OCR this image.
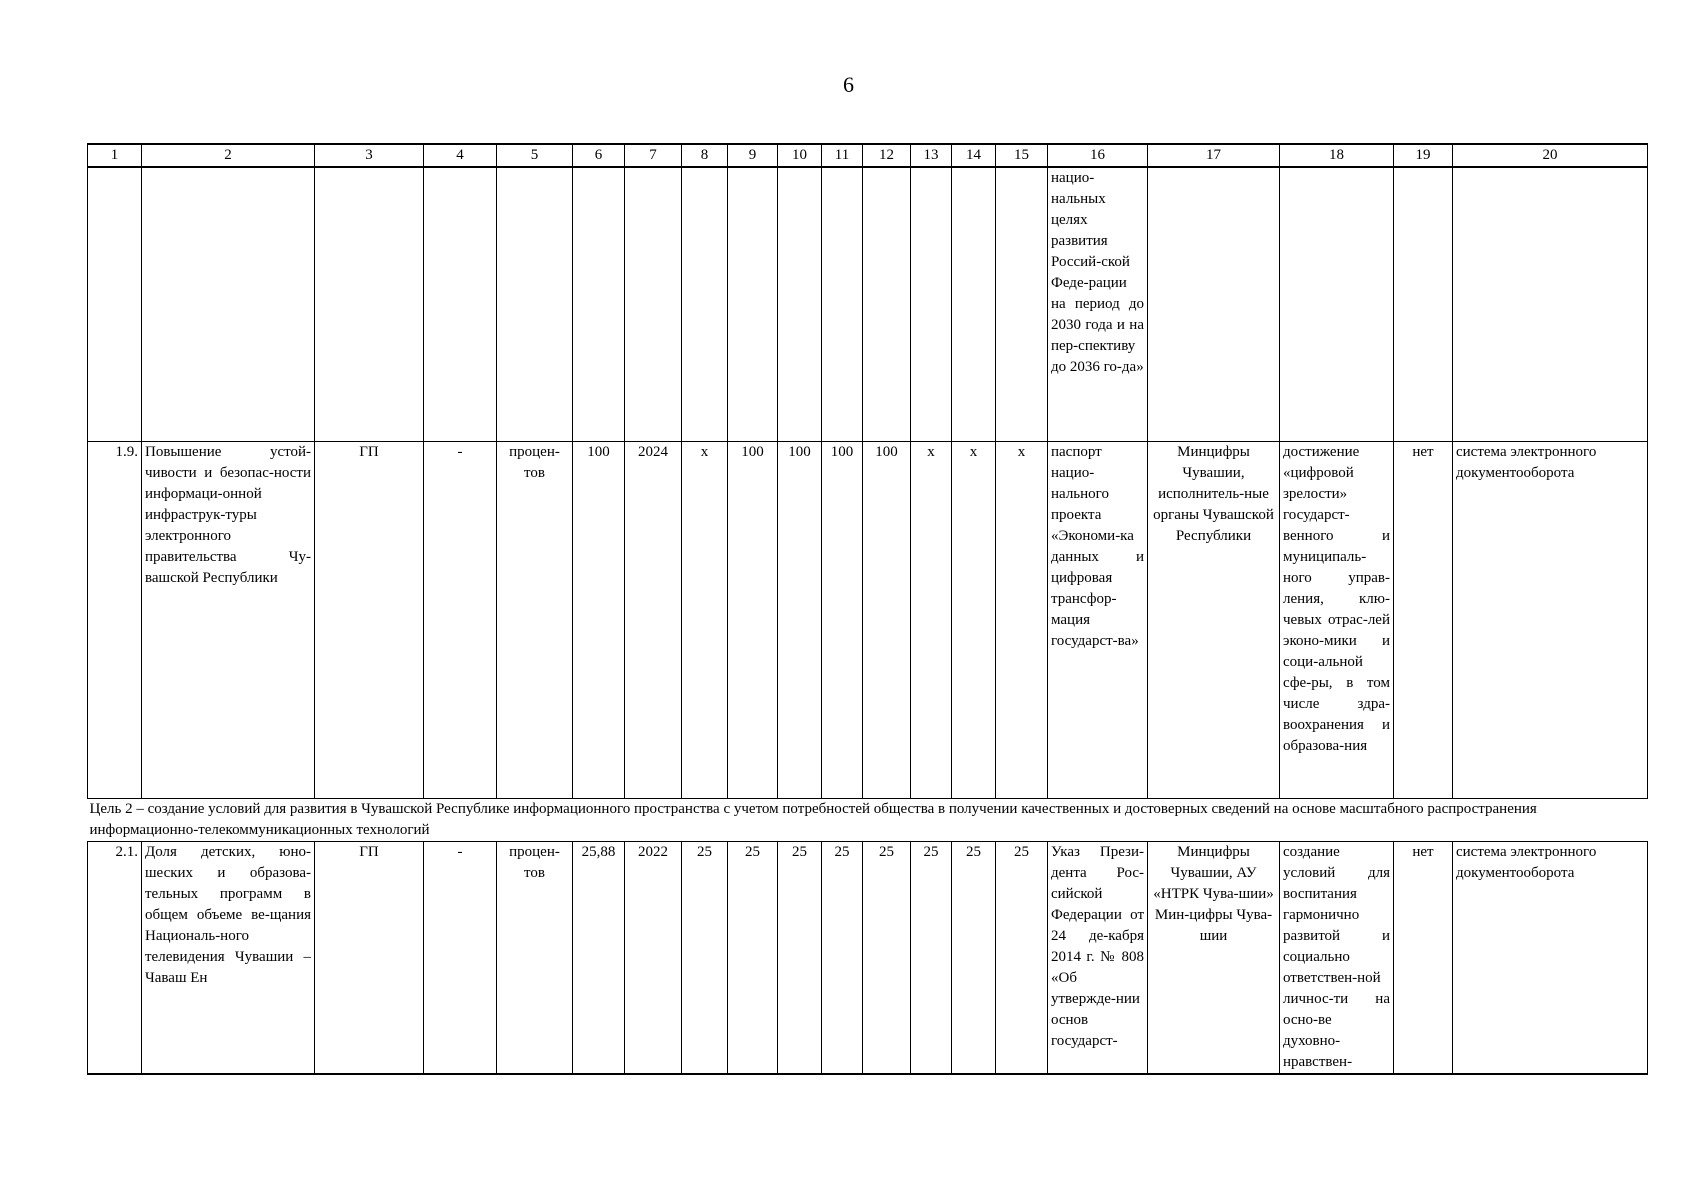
6
1	2	3	4	5	6	7	8	9	10	11	12	13	14	15	16	17	18	19	20
															нацио-нальных целях развития Россий-ской Феде-рации на период до 2030 года и на пер-спективу до 2036 го-да»				
1.9.	Повышение устой-чивости и безопас-ности информаци-онной инфраструк-туры электронного правительства Чу-вашской Республики	ГП	-	процен-тов	100	2024	х	100	100	100	100	х	х	х	паспорт нацио-нального проекта «Экономи-ка данных и цифровая трансфор-мация государст-ва»	Минцифры Чувашии, исполнитель-ные органы Чувашской Республики	достижение «цифровой зрелости» государст-венного и муниципаль-ного управ-ления, клю-чевых отрас-лей эконо-мики и соци-альной сфе-ры, в том числе здра-воохранения и образова-ния	нет	система электронного документооборота
Цель 2 – создание условий для развития в Чувашской Республике информационного пространства с учетом потребностей общества в получении качественных и достоверных сведений на основе масштабного распространения информационно-телекоммуникационных технологий																			
2.1.	Доля детских, юно-шеских и образова-тельных программ в общем объеме ве-щания Националь-ного телевидения Чувашии – Чаваш Ен	ГП	-	процен-тов	25,88	2022	25	25	25	25	25	25	25	25	Указ Прези-дента Рос-сийской Федерации от 24 де-кабря 2014 г. № 808 «Об утвержде-нии основ государст-	Минцифры Чувашии, АУ «НТРК Чува-шии» Мин-цифры Чува-шии	создание условий для воспитания гармонично развитой и социально ответствен-ной личнос-ти на осно-ве духовно-нравствен-	нет	система электронного документооборота
